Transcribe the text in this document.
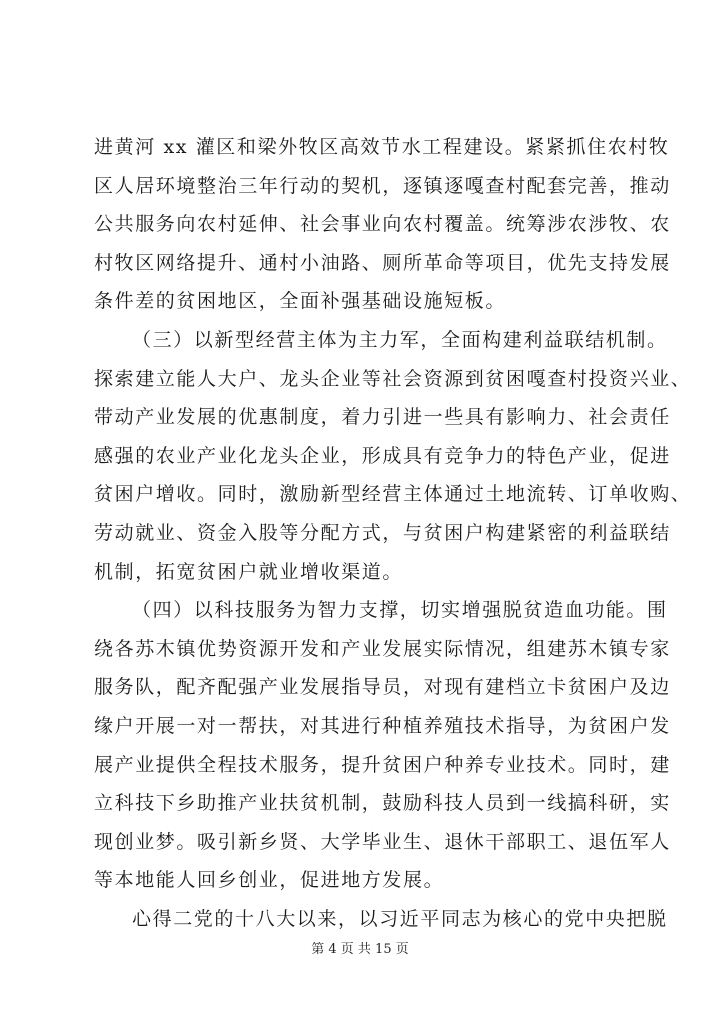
进黄河 xx 灌区和梁外牧区高效节水工程建设。紧紧抓住农村牧
区人居环境整治三年行动的契机，逐镇逐嘎查村配套完善，推动
公共服务向农村延伸、社会事业向农村覆盖。统筹涉农涉牧、农
村牧区网络提升、通村小油路、厕所革命等项目，优先支持发展
条件差的贫困地区，全面补强基础设施短板。
（三）以新型经营主体为主力军，全面构建利益联结机制。
探索建立能人大户、龙头企业等社会资源到贫困嘎查村投资兴业、
带动产业发展的优惠制度，着力引进一些具有影响力、社会责任
感强的农业产业化龙头企业，形成具有竞争力的特色产业，促进
贫困户增收。同时，激励新型经营主体通过土地流转、订单收购、
劳动就业、资金入股等分配方式，与贫困户构建紧密的利益联结
机制，拓宽贫困户就业增收渠道。
（四）以科技服务为智力支撑，切实增强脱贫造血功能。围
绕各苏木镇优势资源开发和产业发展实际情况，组建苏木镇专家
服务队，配齐配强产业发展指导员，对现有建档立卡贫困户及边
缘户开展一对一帮扶，对其进行种植养殖技术指导，为贫困户发
展产业提供全程技术服务，提升贫困户种养专业技术。同时，建
立科技下乡助推产业扶贫机制，鼓励科技人员到一线搞科研，实
现创业梦。吸引新乡贤、大学毕业生、退休干部职工、退伍军人
等本地能人回乡创业，促进地方发展。
心得二党的十八大以来，以习近平同志为核心的党中央把脱
第 4 页 共 15 页
